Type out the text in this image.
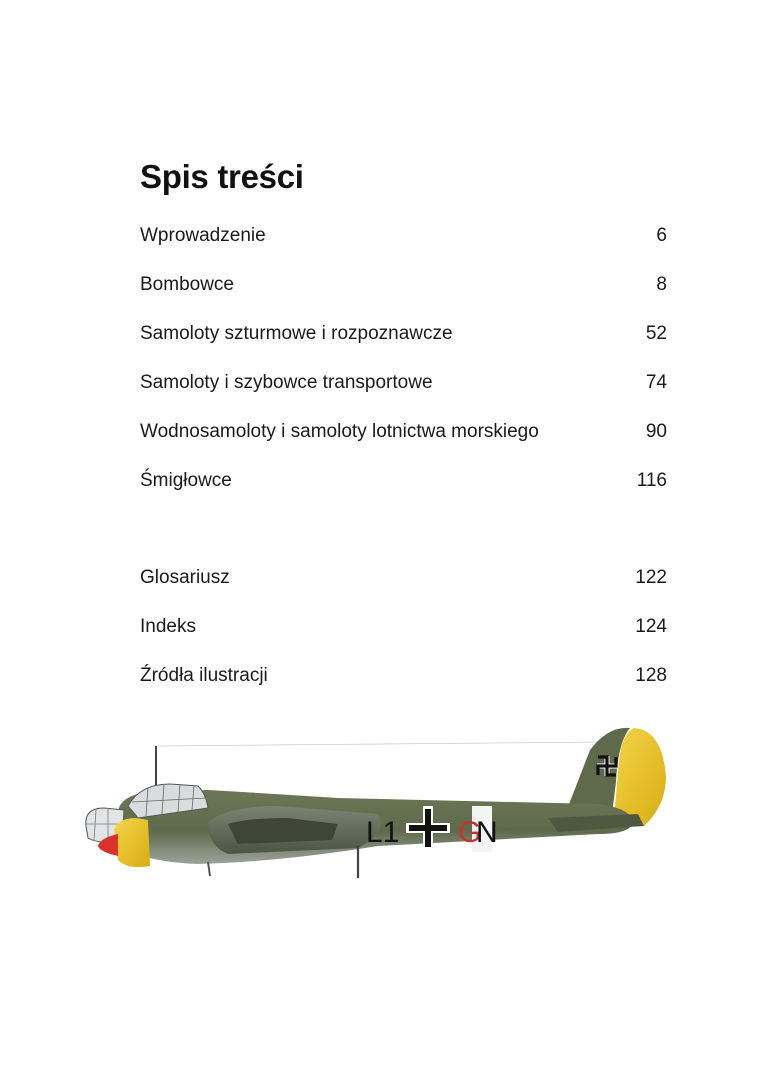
Spis treści
Wprowadzenie	6
Bombowce	8
Samoloty szturmowe i rozpoznawcze	52
Samoloty i szybowce transportowe	74
Wodnosamoloty i samoloty lotnictwa morskiego	90
Śmigłowce	116
Glosariusz	122
Indeks	124
Źródła ilustracji	128
L1 G
N
